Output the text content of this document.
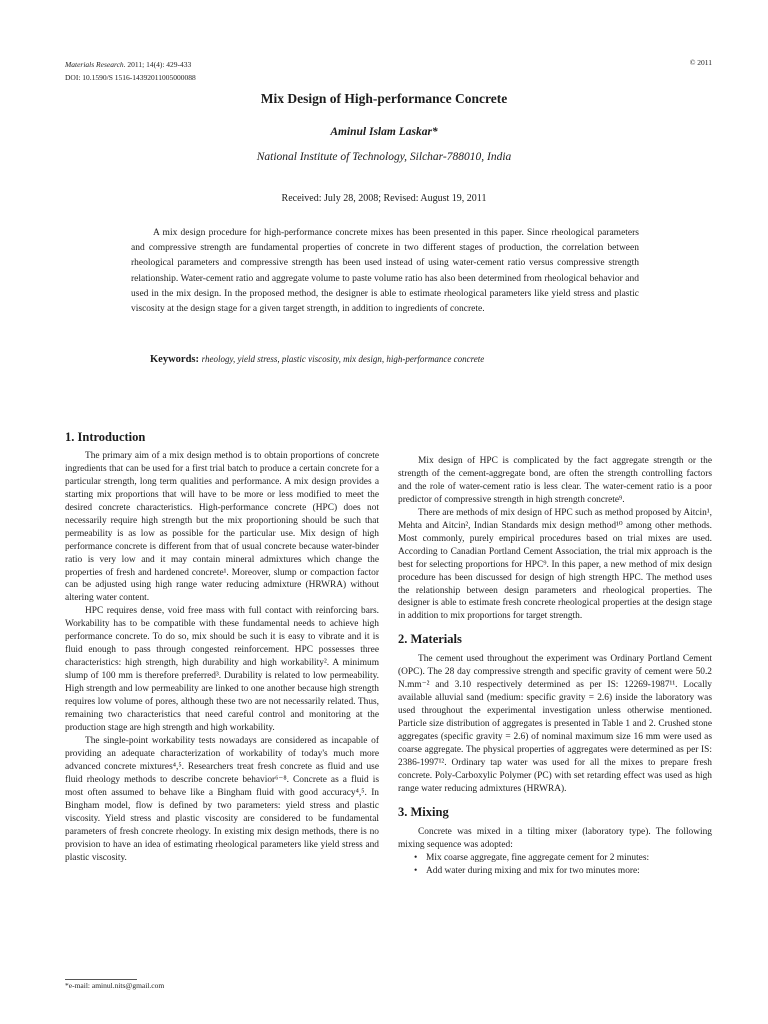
Materials Research. 2011; 14(4): 429-433
DOI: 10.1590/S 1516-14392011005000088
© 2011
Mix Design of High-performance Concrete
Aminul Islam Laskar*
National Institute of Technology, Silchar-788010, India
Received: July 28, 2008; Revised: August 19, 2011

A mix design procedure for high-performance concrete mixes has been presented in this paper. Since rheological parameters and compressive strength are fundamental properties of concrete in two different stages of production, the correlation between rheological parameters and compressive strength has been used instead of using water-cement ratio versus compressive strength relationship. Water-cement ratio and aggregate volume to paste volume ratio has also been determined from rheological behavior and used in the mix design. In the proposed method, the designer is able to estimate rheological parameters like yield stress and plastic viscosity at the design stage for a given target strength, in addition to ingredients of concrete.

Keywords: rheology, yield stress, plastic viscosity, mix design, high-performance concrete
1. Introduction

The primary aim of a mix design method is to obtain proportions of concrete ingredients that can be used for a first trial batch to produce a certain concrete for a particular strength, long term qualities and performance. A mix design provides a starting mix proportions that will have to be more or less modified to meet the desired concrete characteristics. High-performance concrete (HPC) does not necessarily require high strength but the mix proportioning should be such that permeability is as low as possible for the particular use. Mix design of high performance concrete is different from that of usual concrete because water-binder ratio is very low and it may contain mineral admixtures which change the properties of fresh and hardened concrete¹. Moreover, slump or compaction factor can be adjusted using high range water reducing admixture (HRWRA) without altering water content.

HPC requires dense, void free mass with full contact with reinforcing bars. Workability has to be compatible with these fundamental needs to achieve high performance concrete. To do so, mix should be such it is easy to vibrate and it is fluid enough to pass through congested reinforcement. HPC possesses three characteristics: high strength, high durability and high workability². A minimum slump of 100 mm is therefore preferred³. Durability is related to low permeability. High strength and low permeability are linked to one another because high strength requires low volume of pores, although these two are not necessarily related. Thus, remaining two characteristics that need careful control and monitoring at the production stage are high strength and high workability.

The single-point workability tests nowadays are considered as incapable of providing an adequate characterization of workability of today's much more advanced concrete mixtures⁴,⁵. Researchers treat fresh concrete as fluid and use fluid rheology methods to describe concrete behavior⁶⁻⁸. Concrete as a fluid is most often assumed to behave like a Bingham fluid with good accuracy⁴,⁵. In Bingham model, flow is defined by two parameters: yield stress and plastic viscosity. Yield stress and plastic viscosity are considered to be fundamental parameters of fresh concrete rheology. In existing mix design methods, there is no provision to have an idea of estimating rheological parameters like yield stress and plastic viscosity.

Mix design of HPC is complicated by the fact aggregate strength or the strength of the cement-aggregate bond, are often the strength controlling factors and the role of water-cement ratio is less clear. The water-cement ratio is a poor predictor of compressive strength in high strength concrete⁹.

There are methods of mix design of HPC such as method proposed by Aitcin¹, Mehta and Aitcin², Indian Standards mix design method¹⁰ among other methods. Most commonly, purely empirical procedures based on trial mixes are used. According to Canadian Portland Cement Association, the trial mix approach is the best for selecting proportions for HPC⁹. In this paper, a new method of mix design procedure has been discussed for design of high strength HPC. The method uses the relationship between design parameters and rheological properties. The designer is able to estimate fresh concrete rheological properties at the design stage in addition to mix proportions for target strength.

2. Materials

The cement used throughout the experiment was Ordinary Portland Cement (OPC). The 28 day compressive strength and specific gravity of cement were 50.2 N.mm⁻² and 3.10 respectively determined as per IS: 12269-1987¹¹. Locally available alluvial sand (medium: specific gravity = 2.6) inside the laboratory was used throughout the experimental investigation unless otherwise mentioned. Particle size distribution of aggregates is presented in Table 1 and 2. Crushed stone aggregates (specific gravity = 2.6) of nominal maximum size 16 mm were used as coarse aggregate. The physical properties of aggregates were determined as per IS: 2386-1997¹². Ordinary tap water was used for all the mixes to prepare fresh concrete. Poly-Carboxylic Polymer (PC) with set retarding effect was used as high range water reducing admixtures (HRWRA).

3. Mixing

Concrete was mixed in a tilting mixer (laboratory type). The following mixing sequence was adopted:

• Mix coarse aggregate, fine aggregate cement for 2 minutes:
• Add water during mixing and mix for two minutes more:
*e-mail: aminul.nits@gmail.com
